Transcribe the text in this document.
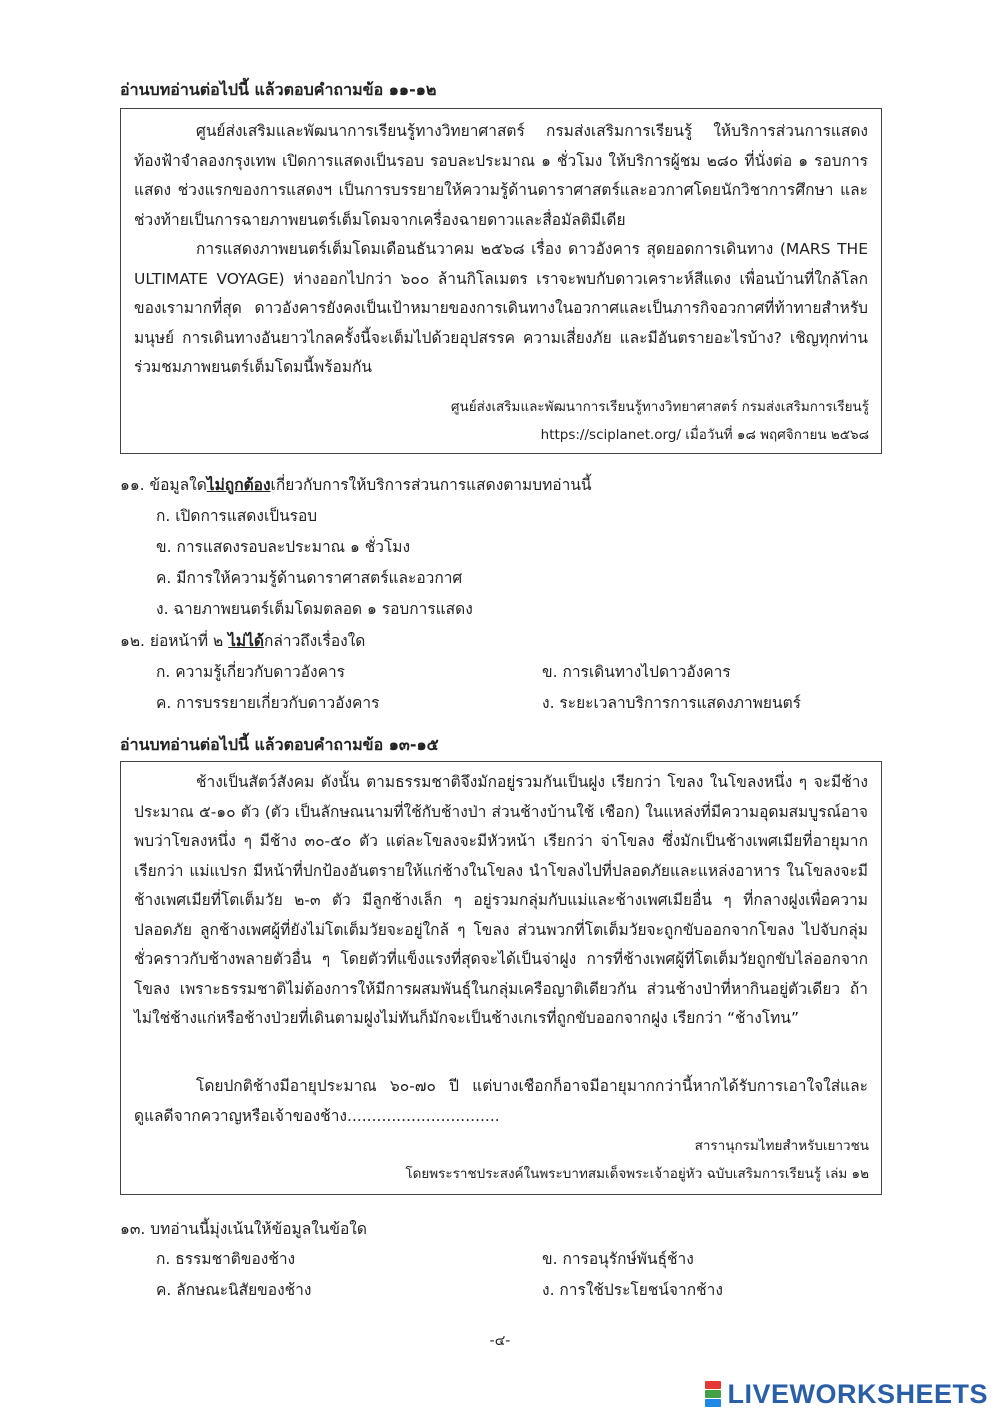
อ่านบทอ่านต่อไปนี้ แล้วตอบคำถามข้อ ๑๑-๑๒

ศูนย์ส่งเสริมและพัฒนาการเรียนรู้ทางวิทยาศาสตร์ กรมส่งเสริมการเรียนรู้ ให้บริการส่วนการแสดงท้องฟ้าจำลองกรุงเทพ เปิดการแสดงเป็นรอบ รอบละประมาณ ๑ ชั่วโมง ให้บริการผู้ชม ๒๘๐ ที่นั่งต่อ ๑ รอบการแสดง ช่วงแรกของการแสดงฯ เป็นการบรรยายให้ความรู้ด้านดาราศาสตร์และอวกาศโดยนักวิชาการศึกษา และช่วงท้ายเป็นการฉายภาพยนตร์เต็มโดมจากเครื่องฉายดาวและสื่อมัลติมีเดีย

การแสดงภาพยนตร์เต็มโดมเดือนธันวาคม ๒๕๖๘ เรื่อง ดาวอังคาร สุดยอดการเดินทาง (MARS THE ULTIMATE VOYAGE) ห่างออกไปกว่า ๖๐๐ ล้านกิโลเมตร เราจะพบกับดาวเคราะห์สีแดง เพื่อนบ้านที่ใกล้โลกของเรามากที่สุด ดาวอังคารยังคงเป็นเป้าหมายของการเดินทางในอวกาศและเป็นภารกิจอวกาศที่ท้าทายสำหรับมนุษย์ การเดินทางอันยาวไกลครั้งนี้จะเต็มไปด้วยอุปสรรค ความเสี่ยงภัย และมีอันตรายอะไรบ้าง? เชิญทุกท่านร่วมชมภาพยนตร์เต็มโดมนี้พร้อมกัน

ศูนย์ส่งเสริมและพัฒนาการเรียนรู้ทางวิทยาศาสตร์ กรมส่งเสริมการเรียนรู้
https://sciplanet.org/ เมื่อวันที่ ๑๘ พฤศจิกายน ๒๕๖๘
๑๑. ข้อมูลใดไม่ถูกต้องเกี่ยวกับการให้บริการส่วนการแสดงตามบทอ่านนี้
ก. เปิดการแสดงเป็นรอบ
ข. การแสดงรอบละประมาณ ๑ ชั่วโมง
ค. มีการให้ความรู้ด้านดาราศาสตร์และอวกาศ
ง. ฉายภาพยนตร์เต็มโดมตลอด ๑ รอบการแสดง
๑๒. ย่อหน้าที่ ๒ ไม่ได้กล่าวถึงเรื่องใด
ก. ความรู้เกี่ยวกับดาวอังคาร	ข. การเดินทางไปดาวอังคาร
ค. การบรรยายเกี่ยวกับดาวอังคาร	ง. ระยะเวลาบริการการแสดงภาพยนตร์
อ่านบทอ่านต่อไปนี้ แล้วตอบคำถามข้อ ๑๓-๑๕

ช้างเป็นสัตว์สังคม ดังนั้น ตามธรรมชาติจึงมักอยู่รวมกันเป็นฝูง เรียกว่า โขลง ในโขลงหนึ่ง ๆ จะมีช้างประมาณ ๕-๑๐ ตัว (ตัว เป็นลักษณนามที่ใช้กับช้างป่า ส่วนช้างบ้านใช้ เชือก) ในแหล่งที่มีความอุดมสมบูรณ์อาจพบว่าโขลงหนึ่ง ๆ มีช้าง ๓๐-๕๐ ตัว แต่ละโขลงจะมีหัวหน้า เรียกว่า จ่าโขลง ซึ่งมักเป็นช้างเพศเมียที่อายุมากเรียกว่า แม่แปรก มีหน้าที่ปกป้องอันตรายให้แก่ช้างในโขลง นำโขลงไปที่ปลอดภัยและแหล่งอาหาร ในโขลงจะมีช้างเพศเมียที่โตเต็มวัย ๒-๓ ตัว มีลูกช้างเล็ก ๆ อยู่รวมกลุ่มกับแม่และช้างเพศเมียอื่น ๆ ที่กลางฝูงเพื่อความปลอดภัย ลูกช้างเพศผู้ที่ยังไม่โตเต็มวัยจะอยู่ใกล้ ๆ โขลง ส่วนพวกที่โตเต็มวัยจะถูกขับออกจากโขลง ไปจับกลุ่มชั่วคราวกับช้างพลายตัวอื่น ๆ โดยตัวที่แข็งแรงที่สุดจะได้เป็นจ่าฝูง การที่ช้างเพศผู้ที่โตเต็มวัยถูกขับไล่ออกจากโขลง เพราะธรรมชาติไม่ต้องการให้มีการผสมพันธุ์ในกลุ่มเครือญาติเดียวกัน ส่วนช้างป่าที่หากินอยู่ตัวเดียว ถ้าไม่ใช่ช้างแก่หรือช้างป่วยที่เดินตามฝูงไม่ทันก็มักจะเป็นช้างเกเรที่ถูกขับออกจากฝูง เรียกว่า “ช้างโทน”

โดยปกติช้างมีอายุประมาณ ๖๐-๗๐ ปี แต่บางเชือกก็อาจมีอายุมากกว่านี้หากได้รับการเอาใจใส่และดูแลดีจากควาญหรือเจ้าของช้าง...............................

สารานุกรมไทยสำหรับเยาวชน
โดยพระราชประสงค์ในพระบาทสมเด็จพระเจ้าอยู่หัว ฉบับเสริมการเรียนรู้ เล่ม ๑๒
๑๓. บทอ่านนี้มุ่งเน้นให้ข้อมูลในข้อใด
ก. ธรรมชาติของช้าง	ข. การอนุรักษ์พันธุ์ช้าง
ค. ลักษณะนิสัยของช้าง	ง. การใช้ประโยชน์จากช้าง
-๔-
LIVEWORKSHEETS
